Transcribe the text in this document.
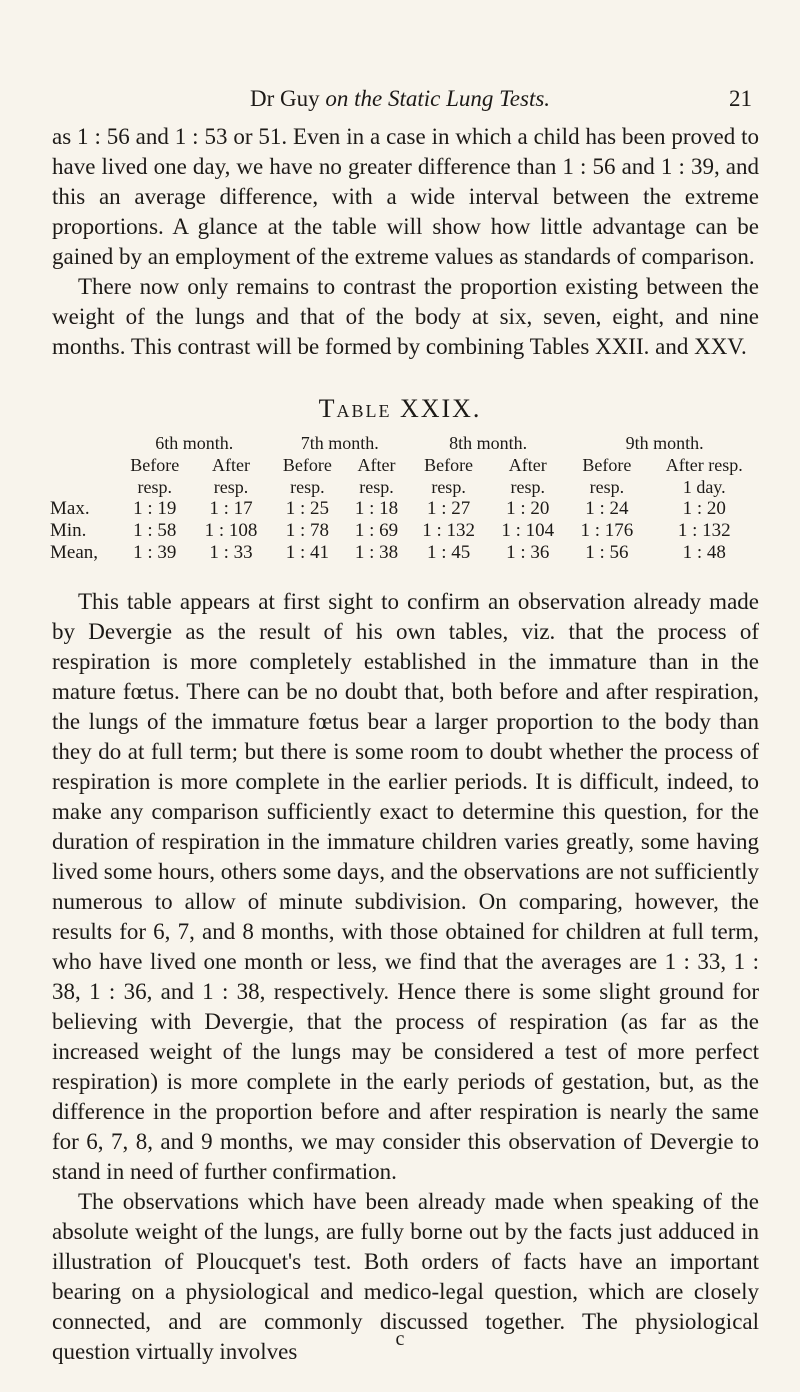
Dr Guy on the Static Lung Tests.	21

as 1 : 56 and 1 : 53 or 51. Even in a case in which a child has been proved to have lived one day, we have no greater difference than 1 : 56 and 1 : 39, and this an average difference, with a wide interval between the extreme proportions. A glance at the table will show how little advantage can be gained by an employment of the extreme values as standards of comparison.

There now only remains to contrast the proportion existing between the weight of the lungs and that of the body at six, seven, eight, and nine months. This contrast will be formed by combining Tables XXII. and XXV.

Table XXIX.
	6th month.		7th month.		8th month.		9th month.	
	Before	After	Before	After	Before	After	Before	After resp.
	resp.	resp.	resp.	resp.	resp.	resp.	resp.	1 day.
Max.	1 : 19	1 : 17	1 : 25	1 : 18	1 : 27	1 : 20	1 : 24	1 : 20
Min.	1 : 58	1 : 108	1 : 78	1 : 69	1 : 132	1 : 104	1 : 176	1 : 132
Mean,	1 : 39	1 : 33	1 : 41	1 : 38	1 : 45	1 : 36	1 : 56	1 : 48

This table appears at first sight to confirm an observation already made by Devergie as the result of his own tables, viz. that the process of respiration is more completely established in the immature than in the mature fœtus. There can be no doubt that, both before and after respiration, the lungs of the immature fœtus bear a larger proportion to the body than they do at full term; but there is some room to doubt whether the process of respiration is more complete in the earlier periods. It is difficult, indeed, to make any comparison sufficiently exact to determine this question, for the duration of respiration in the immature children varies greatly, some having lived some hours, others some days, and the observations are not sufficiently numerous to allow of minute subdivision. On comparing, however, the results for 6, 7, and 8 months, with those obtained for children at full term, who have lived one month or less, we find that the averages are 1 : 33, 1 : 38, 1 : 36, and 1 : 38, respectively. Hence there is some slight ground for believing with Devergie, that the process of respiration (as far as the increased weight of the lungs may be considered a test of more perfect respiration) is more complete in the early periods of gestation, but, as the difference in the proportion before and after respiration is nearly the same for 6, 7, 8, and 9 months, we may consider this observation of Devergie to stand in need of further confirmation.

The observations which have been already made when speaking of the absolute weight of the lungs, are fully borne out by the facts just adduced in illustration of Ploucquet's test. Both orders of facts have an important bearing on a physiological and medico-legal question, which are closely connected, and are commonly discussed together. The physiological question virtually involves	c
